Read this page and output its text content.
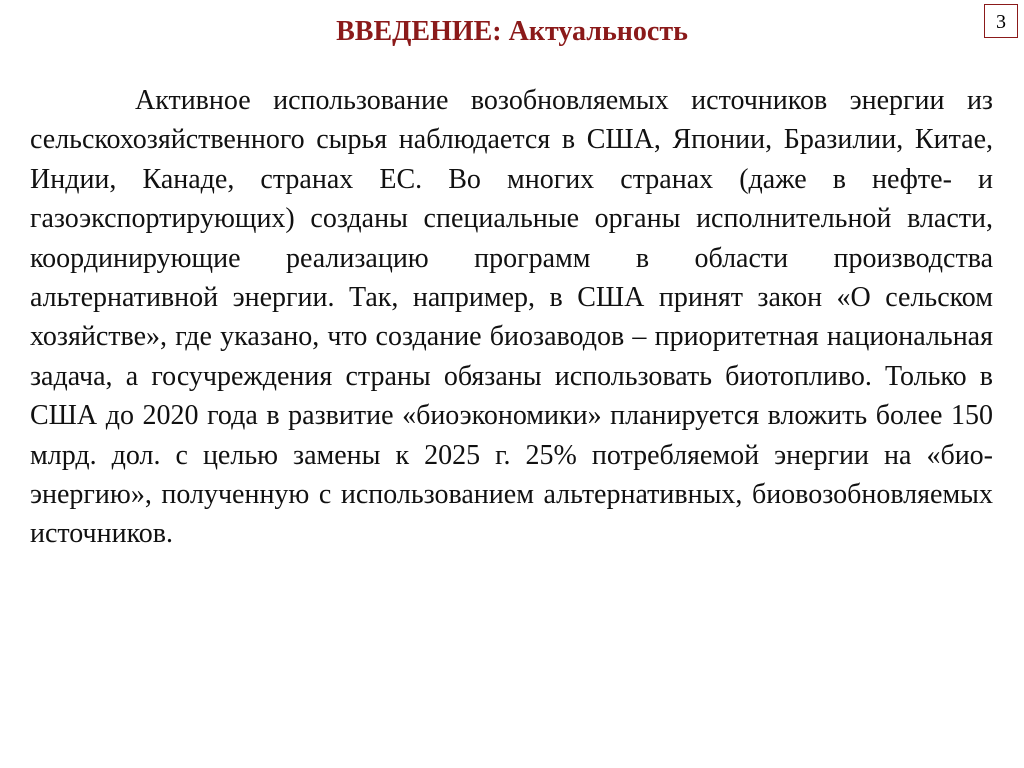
ВВЕДЕНИЕ: Актуальность	3

Активное использование возобновляемых источников энергии из сельскохозяйственного сырья наблюдается в США, Японии, Бразилии, Китае, Индии, Канаде, странах ЕС. Во многих странах (даже в нефте- и газоэкспортирующих) созданы специальные органы исполнительной власти, координирующие реализацию программ в области производства альтернативной энергии. Так, например, в США принят закон «О сельском хозяйстве», где указано, что создание биозаводов – приоритетная национальная задача, а госучреждения страны обязаны использовать биотопливо. Только в США до 2020 года в развитие «биоэкономики» планируется вложить более 150 млрд. дол. с целью замены к 2025 г. 25% потребляемой энергии на «био-энергию», полученную с использованием альтернативных, биовозобновляемых источников.
